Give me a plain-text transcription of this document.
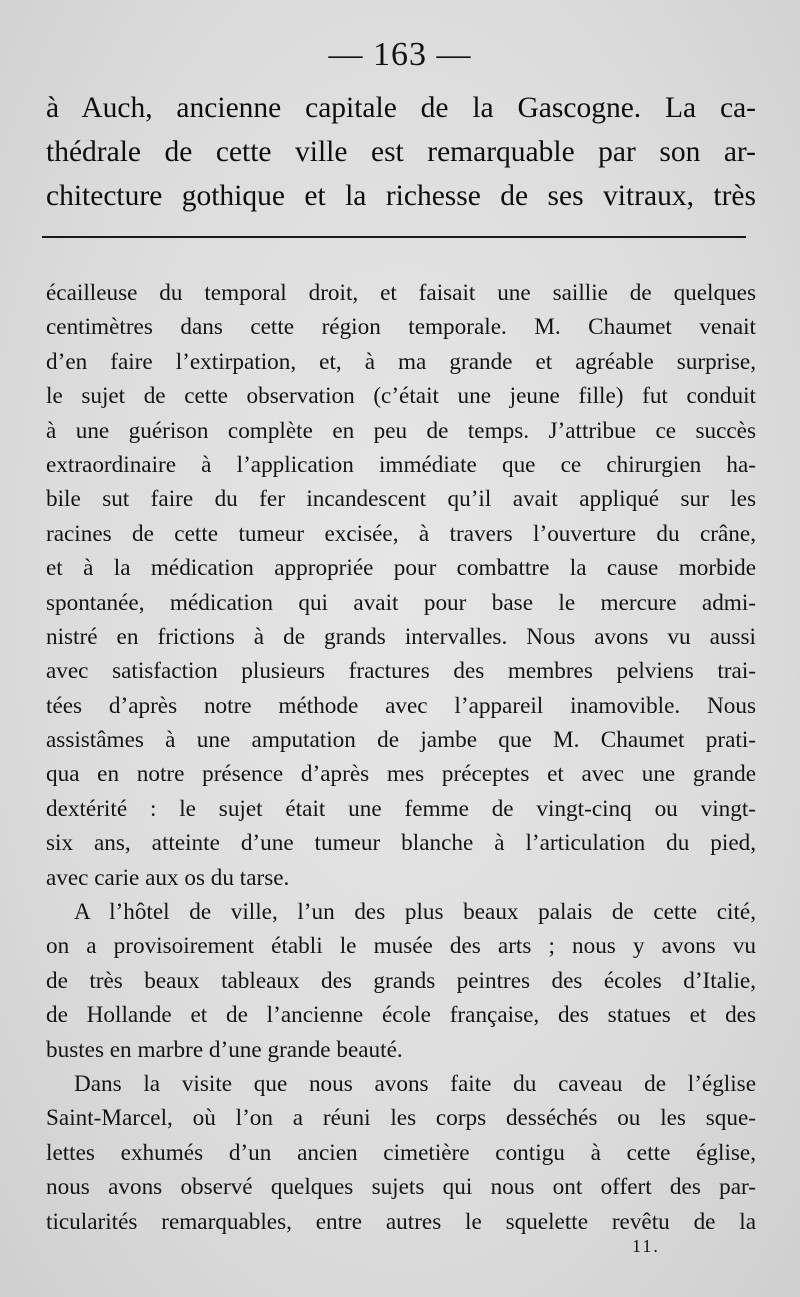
— 163 —
à Auch, ancienne capitale de la Gascogne. La ca-
thédrale de cette ville est remarquable par son ar-
chitecture gothique et la richesse de ses vitraux, très
écailleuse du temporal droit, et faisait une saillie de quelques
centimètres dans cette région temporale. M. Chaumet venait
d’en faire l’extirpation, et, à ma grande et agréable surprise,
le sujet de cette observation (c’était une jeune fille) fut conduit
à une guérison complète en peu de temps. J’attribue ce succès
extraordinaire à l’application immédiate que ce chirurgien ha-
bile sut faire du fer incandescent qu’il avait appliqué sur les
racines de cette tumeur excisée, à travers l’ouverture du crâne,
et à la médication appropriée pour combattre la cause morbide
spontanée, médication qui avait pour base le mercure admi-
nistré en frictions à de grands intervalles. Nous avons vu aussi
avec satisfaction plusieurs fractures des membres pelviens trai-
tées d’après notre méthode avec l’appareil inamovible. Nous
assistâmes à une amputation de jambe que M. Chaumet prati-
qua en notre présence d’après mes préceptes et avec une grande
dextérité : le sujet était une femme de vingt-cinq ou vingt-
six ans, atteinte d’une tumeur blanche à l’articulation du pied,
avec carie aux os du tarse.
A l’hôtel de ville, l’un des plus beaux palais de cette cité,
on a provisoirement établi le musée des arts ; nous y avons vu
de très beaux tableaux des grands peintres des écoles d’Italie,
de Hollande et de l’ancienne école française, des statues et des
bustes en marbre d’une grande beauté.
Dans la visite que nous avons faite du caveau de l’église
Saint-Marcel, où l’on a réuni les corps desséchés ou les sque-
lettes exhumés d’un ancien cimetière contigu à cette église,
nous avons observé quelques sujets qui nous ont offert des par-
ticularités remarquables, entre autres le squelette revêtu de la
11.
